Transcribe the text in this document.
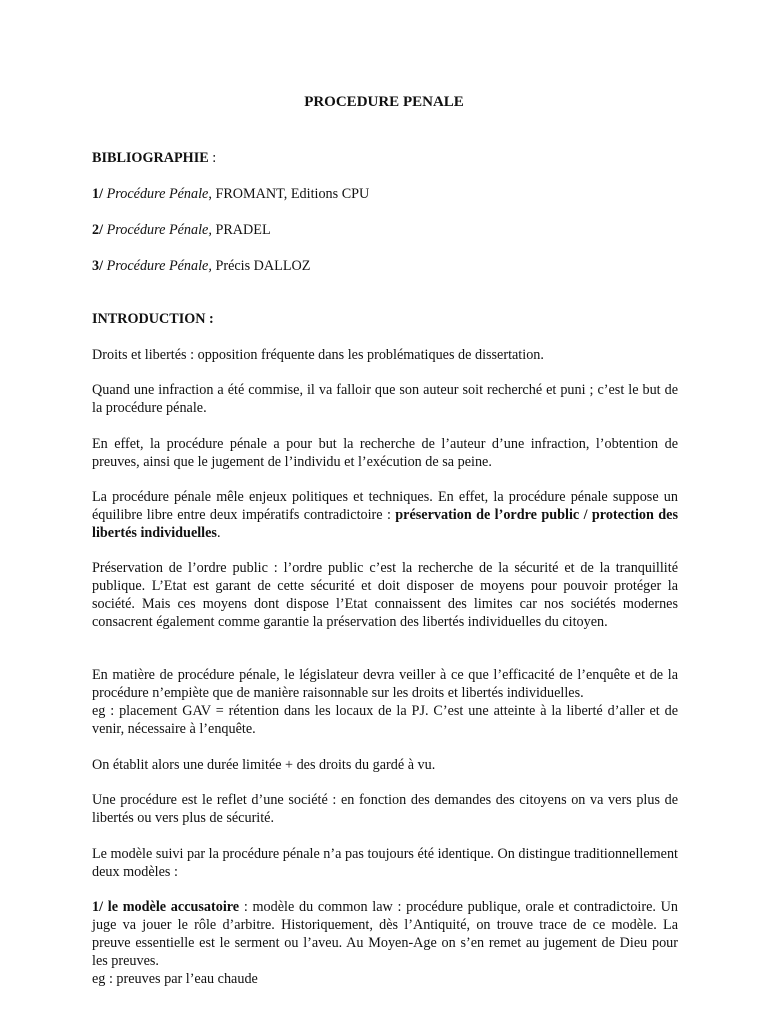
PROCEDURE PENALE

BIBLIOGRAPHIE :

1/ Procédure Pénale, FROMANT, Editions CPU

2/ Procédure Pénale, PRADEL

3/ Procédure Pénale, Précis DALLOZ

INTRODUCTION :

Droits et libertés : opposition fréquente dans les problématiques de dissertation.

Quand une infraction a été commise, il va falloir que son auteur soit recherché et puni ; c’est le but de la procédure pénale.

En effet, la procédure pénale a pour but la recherche de l’auteur d’une infraction, l’obtention de preuves, ainsi que le jugement de l’individu et l’exécution de sa peine.

La procédure pénale mêle enjeux politiques et techniques. En effet, la procédure pénale suppose un équilibre libre entre deux impératifs contradictoire : préservation de l’ordre public / protection des libertés individuelles.

Préservation de l’ordre public : l’ordre public c’est la recherche de la sécurité et de la tranquillité publique. L’Etat est garant de cette sécurité et doit disposer de moyens pour pouvoir protéger la société. Mais ces moyens dont dispose l’Etat connaissent des limites car nos sociétés modernes consacrent également comme garantie la préservation des libertés individuelles du citoyen.

En matière de procédure pénale, le législateur devra veiller à ce que l’efficacité de l’enquête et de la procédure n’empiète que de manière raisonnable sur les droits et libertés individuelles.
eg : placement GAV = rétention dans les locaux de la PJ. C’est une atteinte à la liberté d’aller et de venir, nécessaire à l’enquête.

On établit alors une durée limitée + des droits du gardé à vu.

Une procédure est le reflet d’une société : en fonction des demandes des citoyens on va vers plus de libertés ou vers plus de sécurité.

Le modèle suivi par la procédure pénale n’a pas toujours été identique. On distingue traditionnellement deux modèles :

1/ le modèle accusatoire : modèle du common law : procédure publique, orale et contradictoire. Un juge va jouer le rôle d’arbitre. Historiquement, dès l’Antiquité, on trouve trace de ce modèle. La preuve essentielle est le serment ou l’aveu. Au Moyen-Age on s’en remet au jugement de Dieu pour les preuves.
eg : preuves par l’eau chaude
